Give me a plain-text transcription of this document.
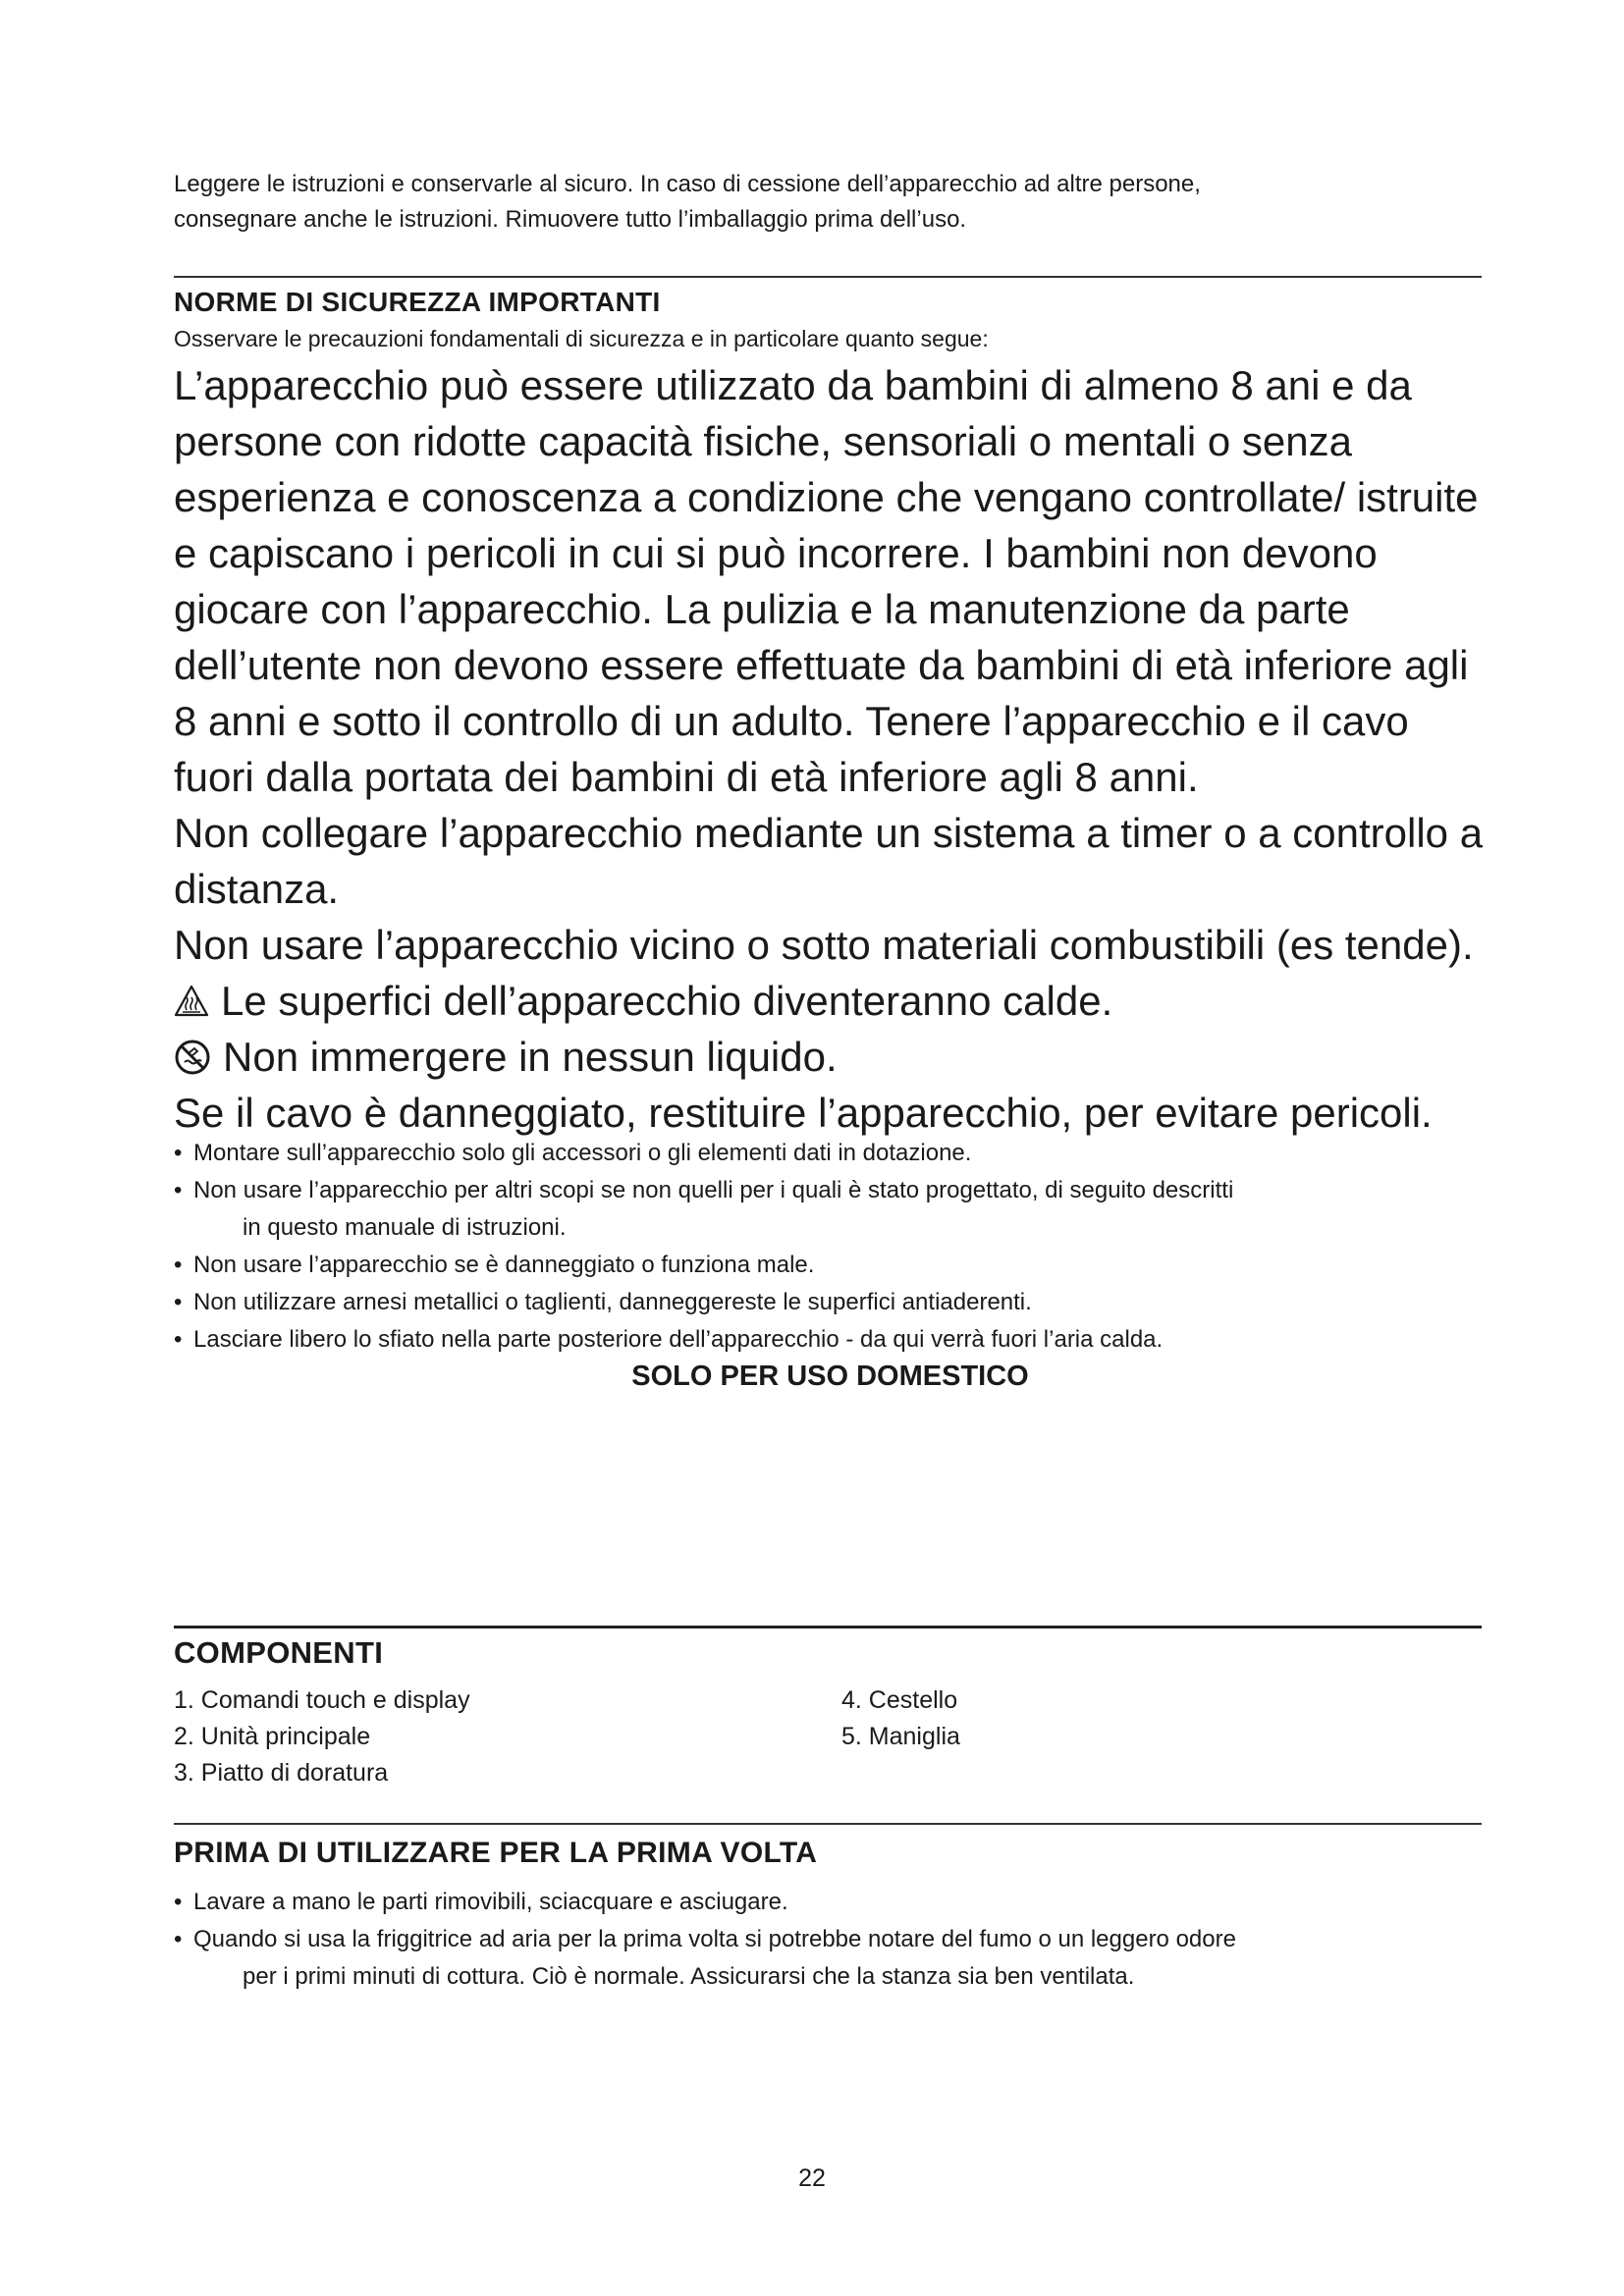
Leggere le istruzioni e conservarle al sicuro. In caso di cessione dell’apparecchio ad altre persone,
consegnare anche le istruzioni. Rimuovere tutto l’imballaggio prima dell’uso.
NORME DI SICUREZZA IMPORTANTI
Osservare le precauzioni fondamentali di sicurezza e in particolare quanto segue:

L’apparecchio può essere utilizzato da bambini di almeno 8 ani e da persone con ridotte capacità fisiche, sensoriali o mentali o senza esperienza e conoscenza a condizione che vengano controllate/ istruite e capiscano i pericoli in cui si può incorrere. I bambini non devono giocare con l’apparecchio. La pulizia e la manutenzione da parte dell’utente non devono essere effettuate da bambini di età inferiore agli 8 anni e sotto il controllo di un adulto. Tenere l’apparecchio e il cavo fuori dalla portata dei bambini di età inferiore agli 8 anni.

Non collegare l’apparecchio mediante un sistema a timer o a controllo a distanza.

Non usare l’apparecchio vicino o sotto materiali combustibili (es tende).

Le superfici dell’apparecchio diventeranno calde.
Non immergere in nessun liquido.

Se il cavo è danneggiato, restituire l’apparecchio, per evitare pericoli.

• Montare sull’apparecchio solo gli accessori o gli elementi dati in dotazione.
• Non usare l’apparecchio per altri scopi se non quelli per i quali è stato progettato, di seguito descritti
in questo manuale di istruzioni.
• Non usare l’apparecchio se è danneggiato o funziona male.
• Non utilizzare arnesi metallici o taglienti, danneggereste le superfici antiaderenti.
• Lasciare libero lo sfiato nella parte posteriore dell’apparecchio - da qui verrà fuori l’aria calda.
SOLO PER USO DOMESTICO
COMPONENTI
1. Comandi touch e display
2. Unità principale
3. Piatto di doratura
4. Cestello
5. Maniglia
PRIMA DI UTILIZZARE PER LA PRIMA VOLTA
• Lavare a mano le parti rimovibili, sciacquare e asciugare.
• Quando si usa la friggitrice ad aria per la prima volta si potrebbe notare del fumo o un leggero odore
per i primi minuti di cottura. Ciò è normale. Assicurarsi che la stanza sia ben ventilata.
22
